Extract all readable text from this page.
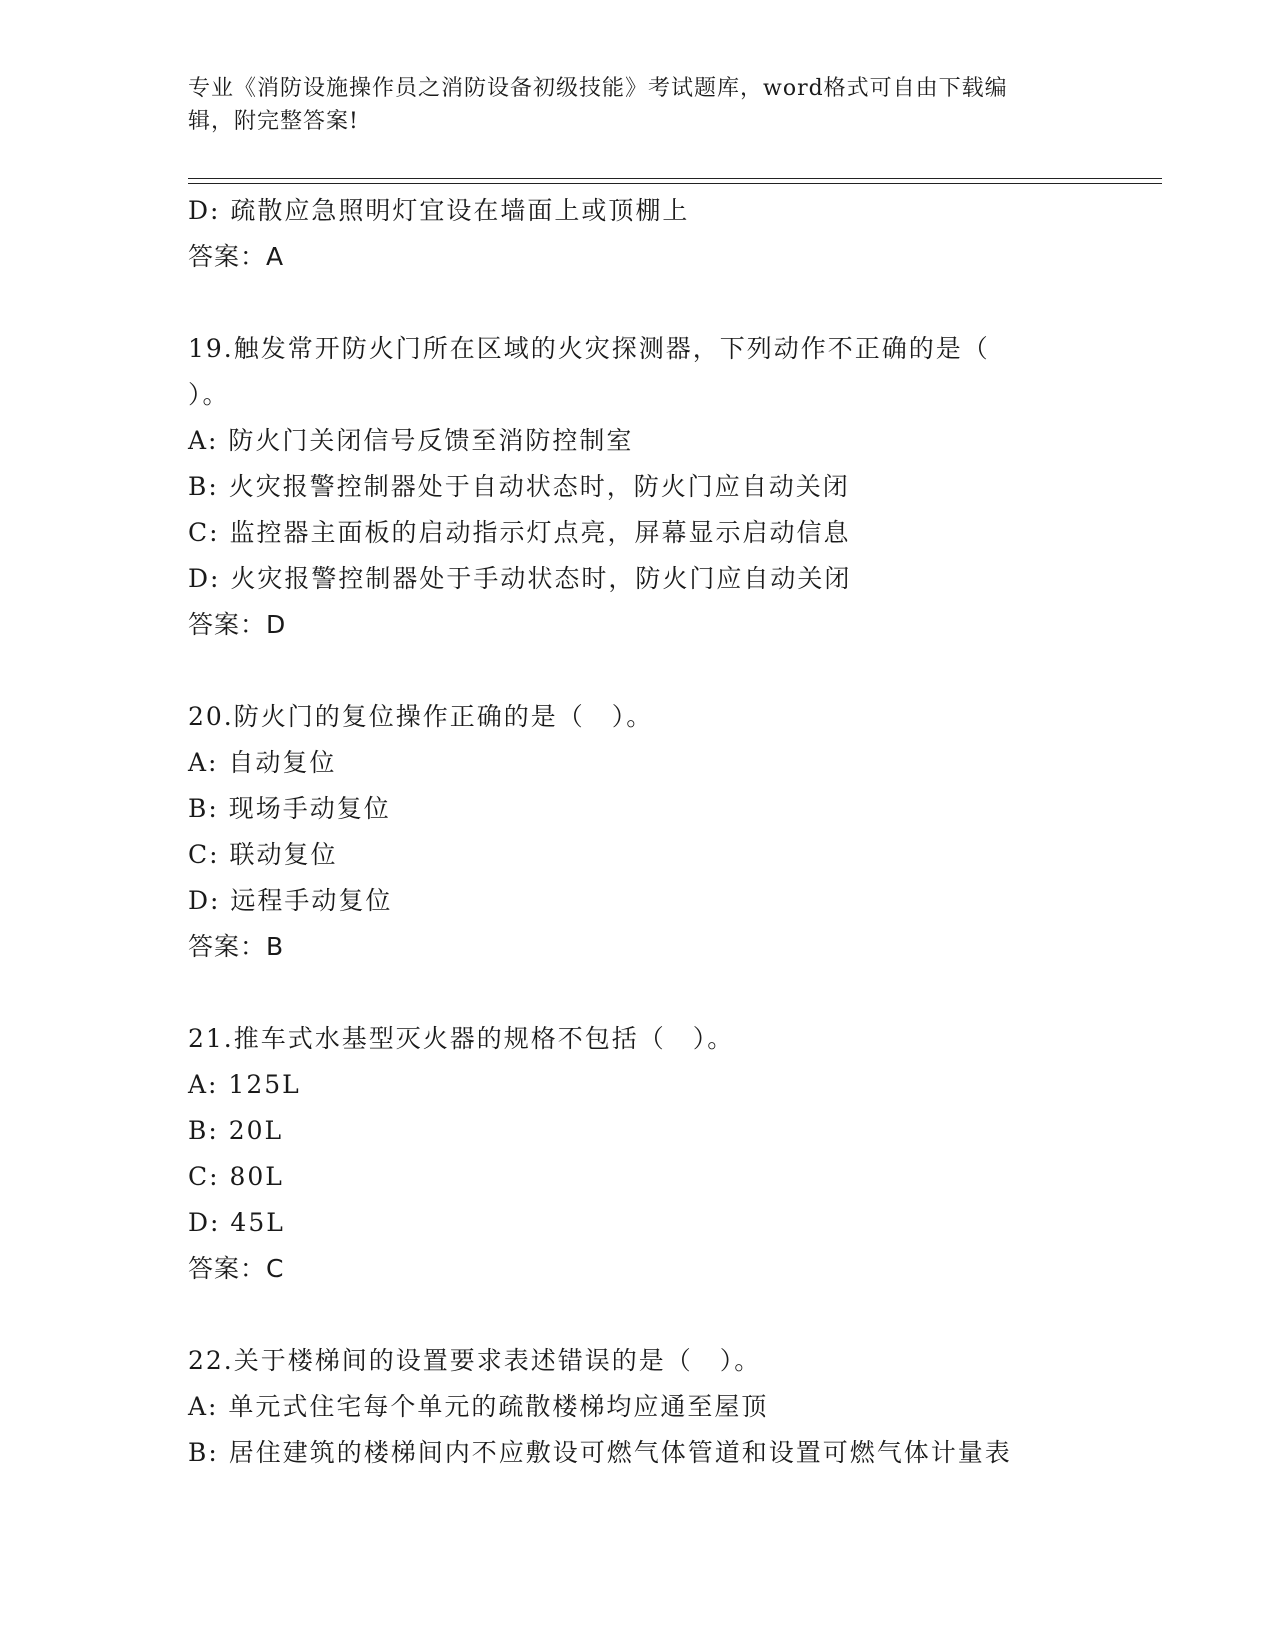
专业《消防设施操作员之消防设备初级技能》考试题库，word格式可自由下载编
辑，附完整答案!
D: 疏散应急照明灯宜设在墙面上或顶棚上
答案：A
19.触发常开防火门所在区域的火灾探测器，下列动作不正确的是（
）。
A: 防火门关闭信号反馈至消防控制室
B: 火灾报警控制器处于自动状态时，防火门应自动关闭
C: 监控器主面板的启动指示灯点亮，屏幕显示启动信息
D: 火灾报警控制器处于手动状态时，防火门应自动关闭
答案：D
20.防火门的复位操作正确的是（　）。
A: 自动复位
B: 现场手动复位
C: 联动复位
D: 远程手动复位
答案：B
21.推车式水基型灭火器的规格不包括（　）。
A: 125L
B: 20L
C: 80L
D: 45L
答案：C
22.关于楼梯间的设置要求表述错误的是（　）。
A: 单元式住宅每个单元的疏散楼梯均应通至屋顶
B: 居住建筑的楼梯间内不应敷设可燃气体管道和设置可燃气体计量表
